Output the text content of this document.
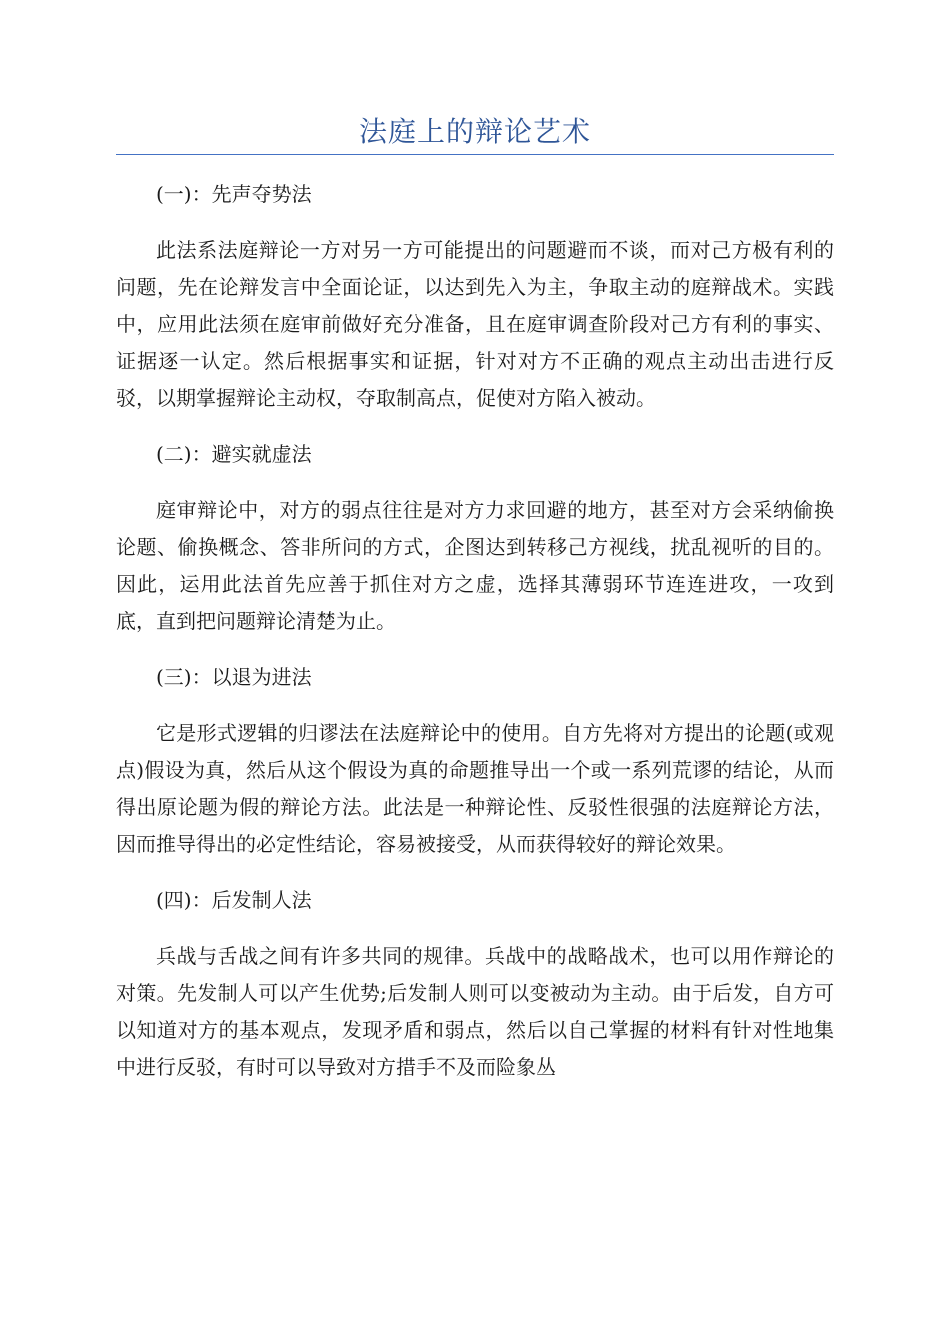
法庭上的辩论艺术
(一)：先声夺势法
此法系法庭辩论一方对另一方可能提出的问题避而不谈，而对己方极有利的问题，先在论辩发言中全面论证，以达到先入为主，争取主动的庭辩战术。实践中，应用此法须在庭审前做好充分准备，且在庭审调查阶段对己方有利的事实、证据逐一认定。然后根据事实和证据，针对对方不正确的观点主动出击进行反驳，以期掌握辩论主动权，夺取制高点，促使对方陷入被动。
(二)：避实就虚法
庭审辩论中，对方的弱点往往是对方力求回避的地方，甚至对方会采纳偷换论题、偷换概念、答非所问的方式，企图达到转移己方视线，扰乱视听的目的。因此，运用此法首先应善于抓住对方之虚，选择其薄弱环节连连进攻，一攻到底，直到把问题辩论清楚为止。
(三)：以退为进法
它是形式逻辑的归谬法在法庭辩论中的使用。自方先将对方提出的论题(或观点)假设为真，然后从这个假设为真的命题推导出一个或一系列荒谬的结论，从而得出原论题为假的辩论方法。此法是一种辩论性、反驳性很强的法庭辩论方法，因而推导得出的必定性结论，容易被接受，从而获得较好的辩论效果。
(四)：后发制人法
兵战与舌战之间有许多共同的规律。兵战中的战略战术，也可以用作辩论的对策。先发制人可以产生优势;后发制人则可以变被动为主动。由于后发，自方可以知道对方的基本观点，发现矛盾和弱点，然后以自己掌握的材料有针对性地集中进行反驳，有时可以导致对方措手不及而险象丛
